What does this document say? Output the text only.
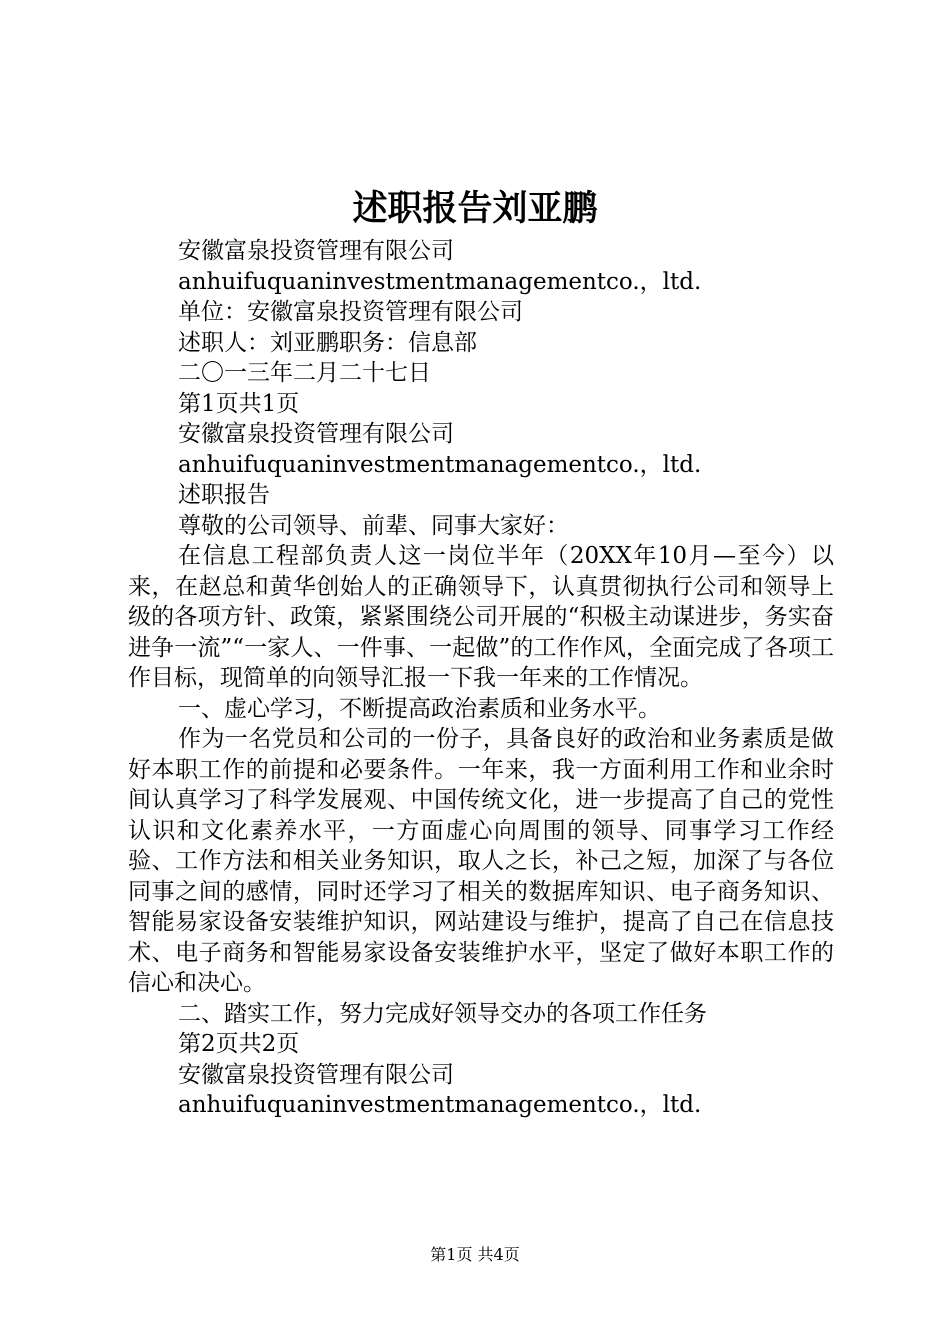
述职报告刘亚鹏

安徽富泉投资管理有限公司

anhuifuquaninvestmentmanagementco.，ltd.

单位：安徽富泉投资管理有限公司

述职人：刘亚鹏职务：信息部

二〇一三年二月二十七日

第1页共1页

安徽富泉投资管理有限公司

anhuifuquaninvestmentmanagementco.，ltd.

述职报告

尊敬的公司领导、前辈、同事大家好：

在信息工程部负责人这一岗位半年（20XX年10月—至今）以来，在赵总和黄华创始人的正确领导下，认真贯彻执行公司和领导上级的各项方针、政策，紧紧围绕公司开展的“积极主动谋进步，务实奋进争一流”“一家人、一件事、一起做”的工作作风，全面完成了各项工作目标，现简单的向领导汇报一下我一年来的工作情况。

一、虚心学习，不断提高政治素质和业务水平。

作为一名党员和公司的一份子，具备良好的政治和业务素质是做好本职工作的前提和必要条件。一年来，我一方面利用工作和业余时间认真学习了科学发展观、中国传统文化，进一步提高了自己的党性认识和文化素养水平，一方面虚心向周围的领导、同事学习工作经验、工作方法和相关业务知识，取人之长，补己之短，加深了与各位同事之间的感情，同时还学习了相关的数据库知识、电子商务知识、智能易家设备安装维护知识，网站建设与维护，提高了自己在信息技术、电子商务和智能易家设备安装维护水平，坚定了做好本职工作的信心和决心。

二、踏实工作，努力完成好领导交办的各项工作任务

第2页共2页

安徽富泉投资管理有限公司

anhuifuquaninvestmentmanagementco.，ltd.

第1页 共4页
